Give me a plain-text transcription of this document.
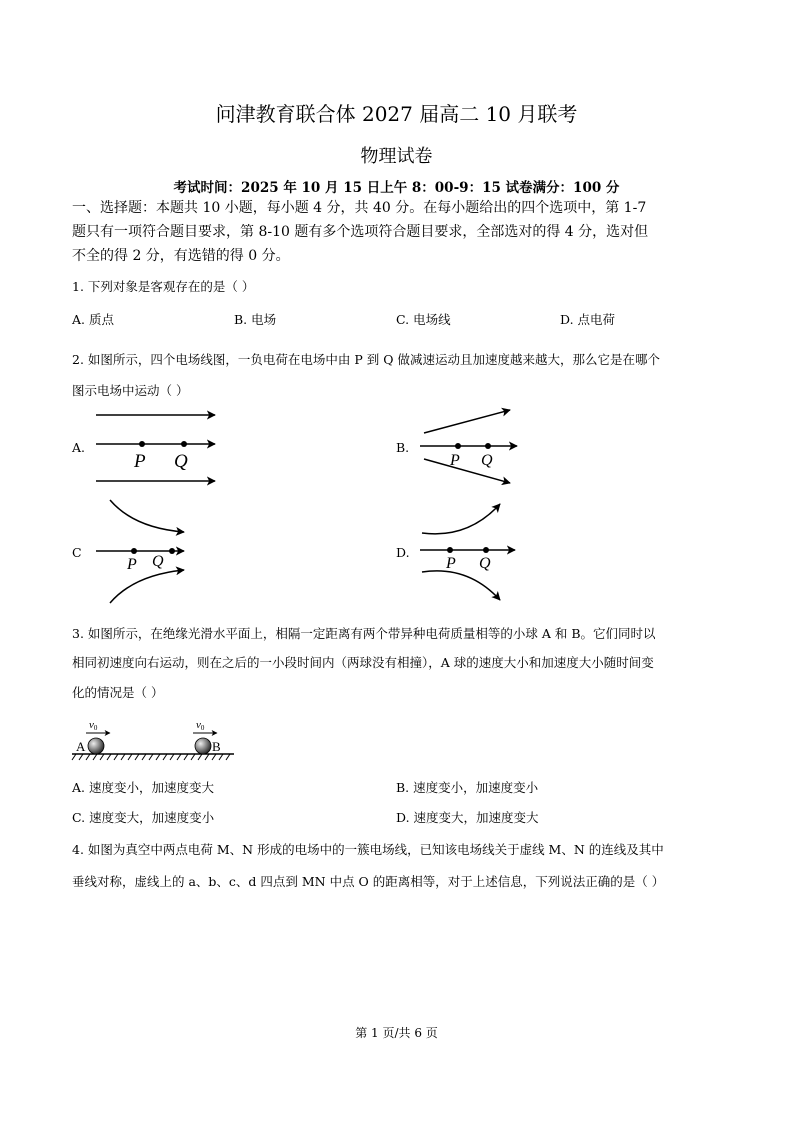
问津教育联合体 2027 届高二 10 月联考
物理试卷
考试时间：2025 年 10 月 15 日上午 8：00-9：15 试卷满分：100 分
一、选择题：本题共 10 小题，每小题 4 分，共 40 分。在每小题给出的四个选项中，第 1-7
题只有一项符合题目要求，第 8-10 题有多个选项符合题目要求，全部选对的得 4 分，选对但
不全的得 2 分，有选错的得 0 分。
1. 下列对象是客观存在的是（ ）
A. 质点	B. 电场	C. 电场线	D. 点电荷
2. 如图所示，四个电场线图，一负电荷在电场中由 P 到 Q 做减速运动且加速度越来越大，那么它是在哪个
图示电场中运动（ ）
A.	B.
C	D.
P Q	P Q
P Q	P Q
3. 如图所示，在绝缘光滑水平面上，相隔一定距离有两个带异种电荷质量相等的小球 A 和 B。它们同时以
相同初速度向右运动，则在之后的一小段时间内（两球没有相撞），A 球的速度大小和加速度大小随时间变
化的情况是（ ）
A	B
v0	v0
A. 速度变小，加速度变大	B. 速度变小，加速度变小
C. 速度变大，加速度变小	D. 速度变大，加速度变大
4. 如图为真空中两点电荷 M、N 形成的电场中的一簇电场线，已知该电场线关于虚线 M、N 的连线及其中
垂线对称，虚线上的 a、b、c、d 四点到 MN 中点 O 的距离相等，对于上述信息，下列说法正确的是（ ）
第 1 页/共 6 页
